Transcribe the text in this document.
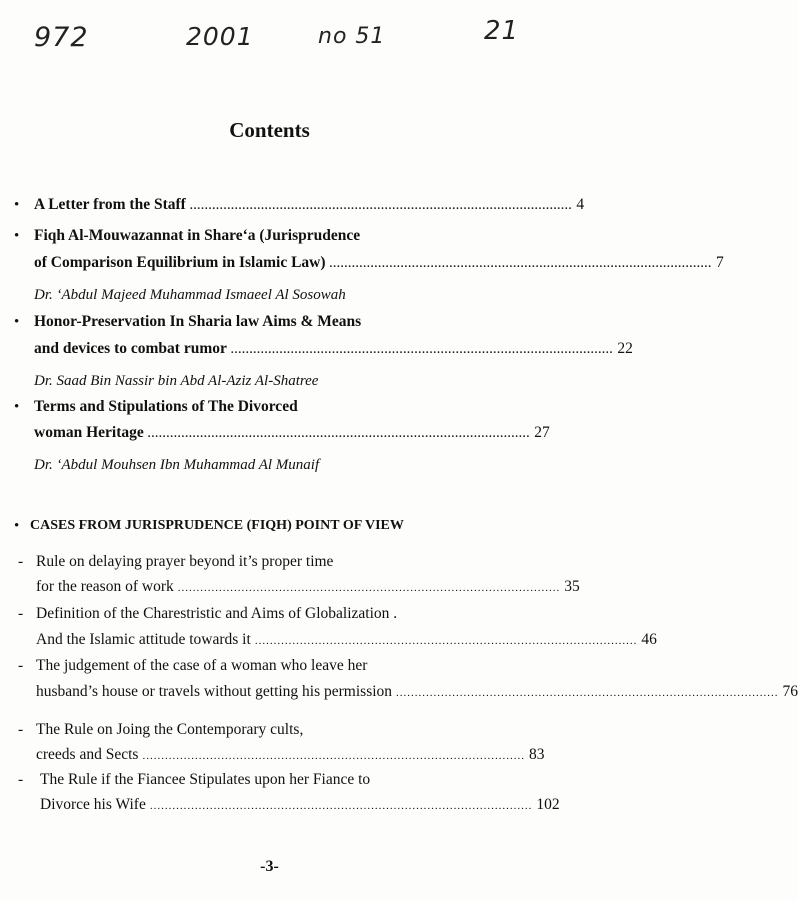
972	2001	no 51	21
Contents
• A Letter from the Staff ...................................................................................................... 4
• Fiqh Al-Mouwazannat in Share‘a (Jurisprudence
of Comparison Equilibrium in Islamic Law) ...................................................................................................... 7
Dr. ‘Abdul Majeed Muhammad Ismaeel Al Sosowah
• Honor-Preservation In Sharia law Aims & Means
and devices to combat rumor ...................................................................................................... 22
Dr. Saad Bin Nassir bin Abd Al-Aziz Al-Shatree
• Terms and Stipulations of The Divorced
woman Heritage ...................................................................................................... 27
Dr. ‘Abdul Mouhsen Ibn Muhammad Al Munaif
• CASES FROM JURISPRUDENCE (FIQH) POINT OF VIEW
- Rule on delaying prayer beyond it’s proper time
for the reason of work ...................................................................................................... 35
- Definition of the Charestristic and Aims of Globalization .
And the Islamic attitude towards it ...................................................................................................... 46
- The judgement of the case of a woman who leave her
husband’s house or travels without getting his permission ...................................................................................................... 76
- The Rule on Joing the Contemporary cults,
creeds and Sects ...................................................................................................... 83
- The Rule if the Fiancee Stipulates upon her Fiance to
Divorce his Wife ...................................................................................................... 102
-3-
